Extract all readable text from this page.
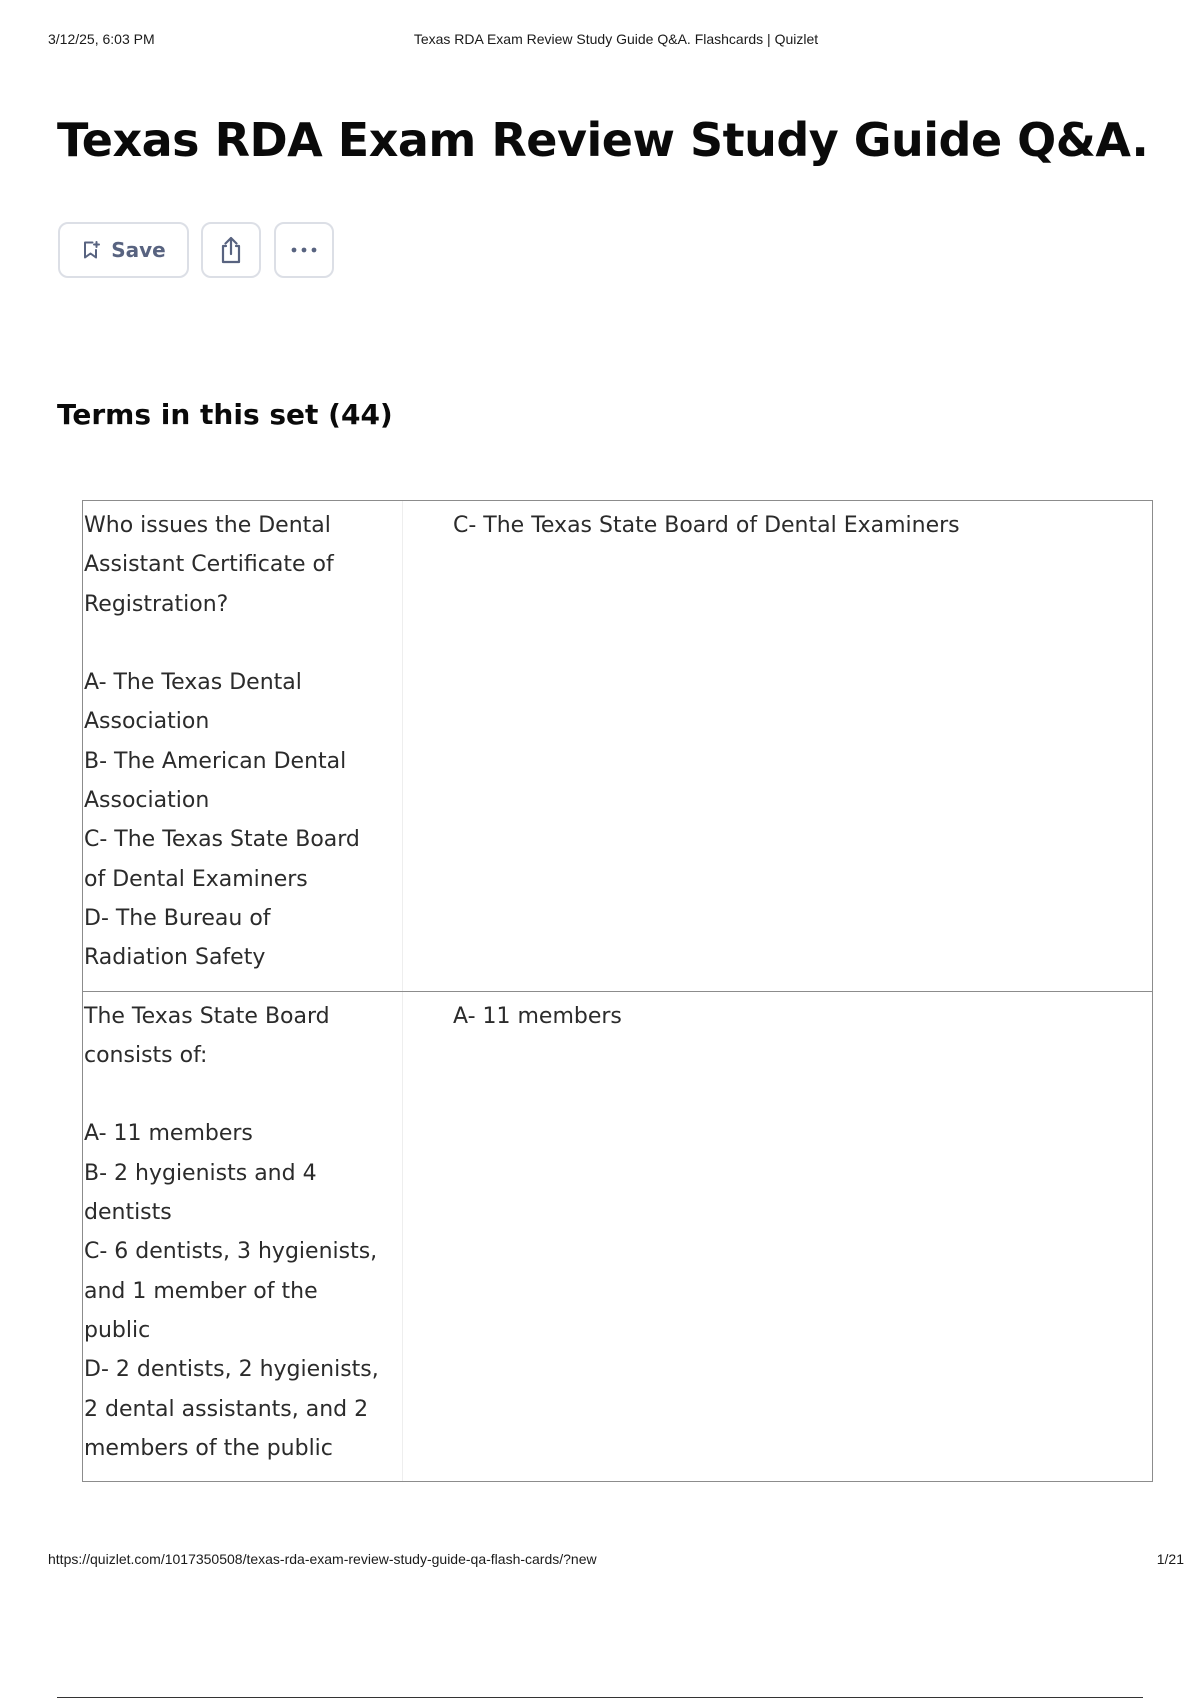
3/12/25, 6:03 PM	Texas RDA Exam Review Study Guide Q&A. Flashcards | Quizlet
Texas RDA Exam Review Study Guide Q&A.
Save
Terms in this set (44)
Who issues the Dental
Assistant Certificate of
Registration?
A- The Texas Dental
Association
B- The American Dental
Association
C- The Texas State Board
of Dental Examiners
D- The Bureau of
Radiation Safety
C- The Texas State Board of Dental Examiners
The Texas State Board
consists of:
A- 11 members
B- 2 hygienists and 4
dentists
C- 6 dentists, 3 hygienists,
and 1 member of the
public
D- 2 dentists, 2 hygienists,
2 dental assistants, and 2
members of the public
A- 11 members
https://quizlet.com/1017350508/texas-rda-exam-review-study-guide-qa-flash-cards/?new	1/21
